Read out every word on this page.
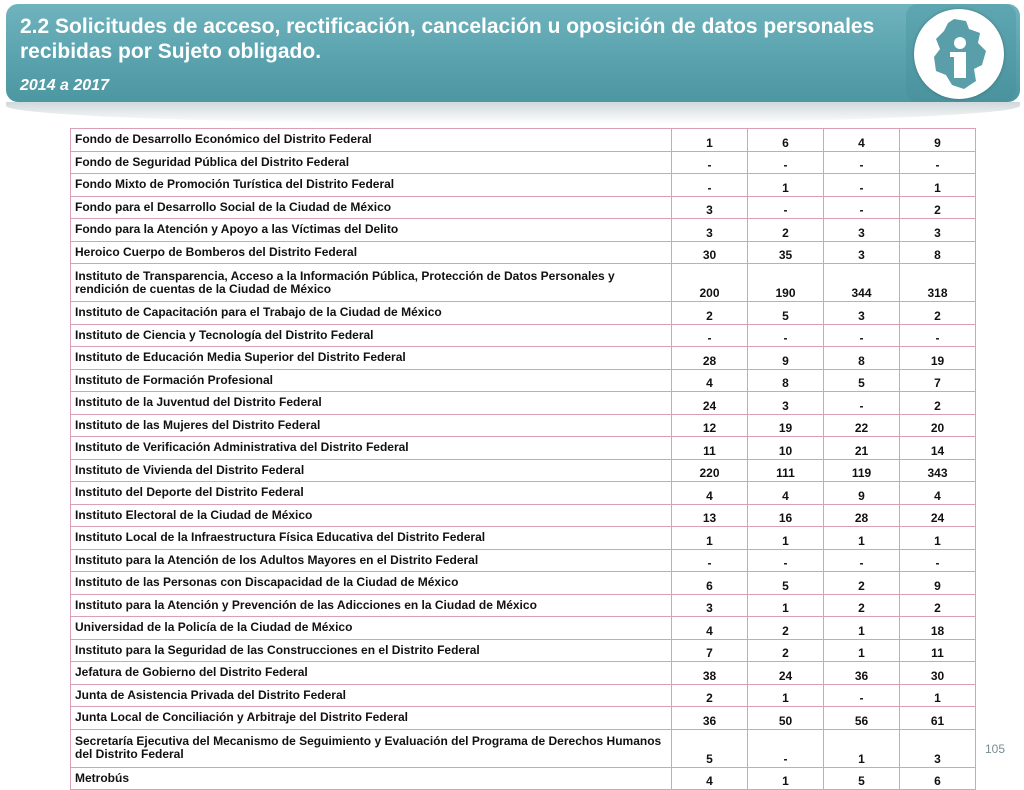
2.2 Solicitudes de acceso, rectificación, cancelación u oposición de datos personales recibidas por Sujeto obligado.
2014 a 2017
Fondo de Desarrollo Económico del Distrito Federal	1	6	4	9
Fondo de Seguridad Pública del Distrito Federal	-	-	-	-
Fondo Mixto de Promoción Turística del Distrito Federal	-	1	-	1
Fondo para el Desarrollo Social de la Ciudad de México	3	-	-	2
Fondo para la Atención y Apoyo a las Víctimas del Delito	3	2	3	3
Heroico Cuerpo de Bomberos del Distrito Federal	30	35	3	8
Instituto de Transparencia, Acceso a la Información Pública, Protección de Datos Personales y rendición de cuentas de la Ciudad de México	200	190	344	318
Instituto de Capacitación para el Trabajo de la Ciudad de México	2	5	3	2
Instituto de Ciencia y Tecnología del Distrito Federal	-	-	-	-
Instituto de Educación Media Superior del Distrito Federal	28	9	8	19
Instituto de Formación Profesional	4	8	5	7
Instituto de la Juventud del Distrito Federal	24	3	-	2
Instituto de las Mujeres del Distrito Federal	12	19	22	20
Instituto de Verificación Administrativa del Distrito Federal	11	10	21	14
Instituto de Vivienda del Distrito Federal	220	111	119	343
Instituto del Deporte del Distrito Federal	4	4	9	4
Instituto Electoral de la Ciudad de México	13	16	28	24
Instituto Local de la Infraestructura Física Educativa del Distrito Federal	1	1	1	1
Instituto para la Atención de los Adultos Mayores en el Distrito Federal	-	-	-	-
Instituto de las Personas con Discapacidad de la Ciudad de México	6	5	2	9
Instituto para la Atención y Prevención de las Adicciones en la Ciudad de México	3	1	2	2
Universidad de la Policía de la Ciudad de México	4	2	1	18
Instituto para la Seguridad de las Construcciones en el Distrito Federal	7	2	1	11
Jefatura de Gobierno del Distrito Federal	38	24	36	30
Junta de Asistencia Privada del Distrito Federal	2	1	-	1
Junta Local de Conciliación y Arbitraje del Distrito Federal	36	50	56	61
Secretaría Ejecutiva del Mecanismo de Seguimiento y Evaluación del Programa de Derechos Humanos del Distrito Federal	5	-	1	3
Metrobús	4	1	5	6
105
